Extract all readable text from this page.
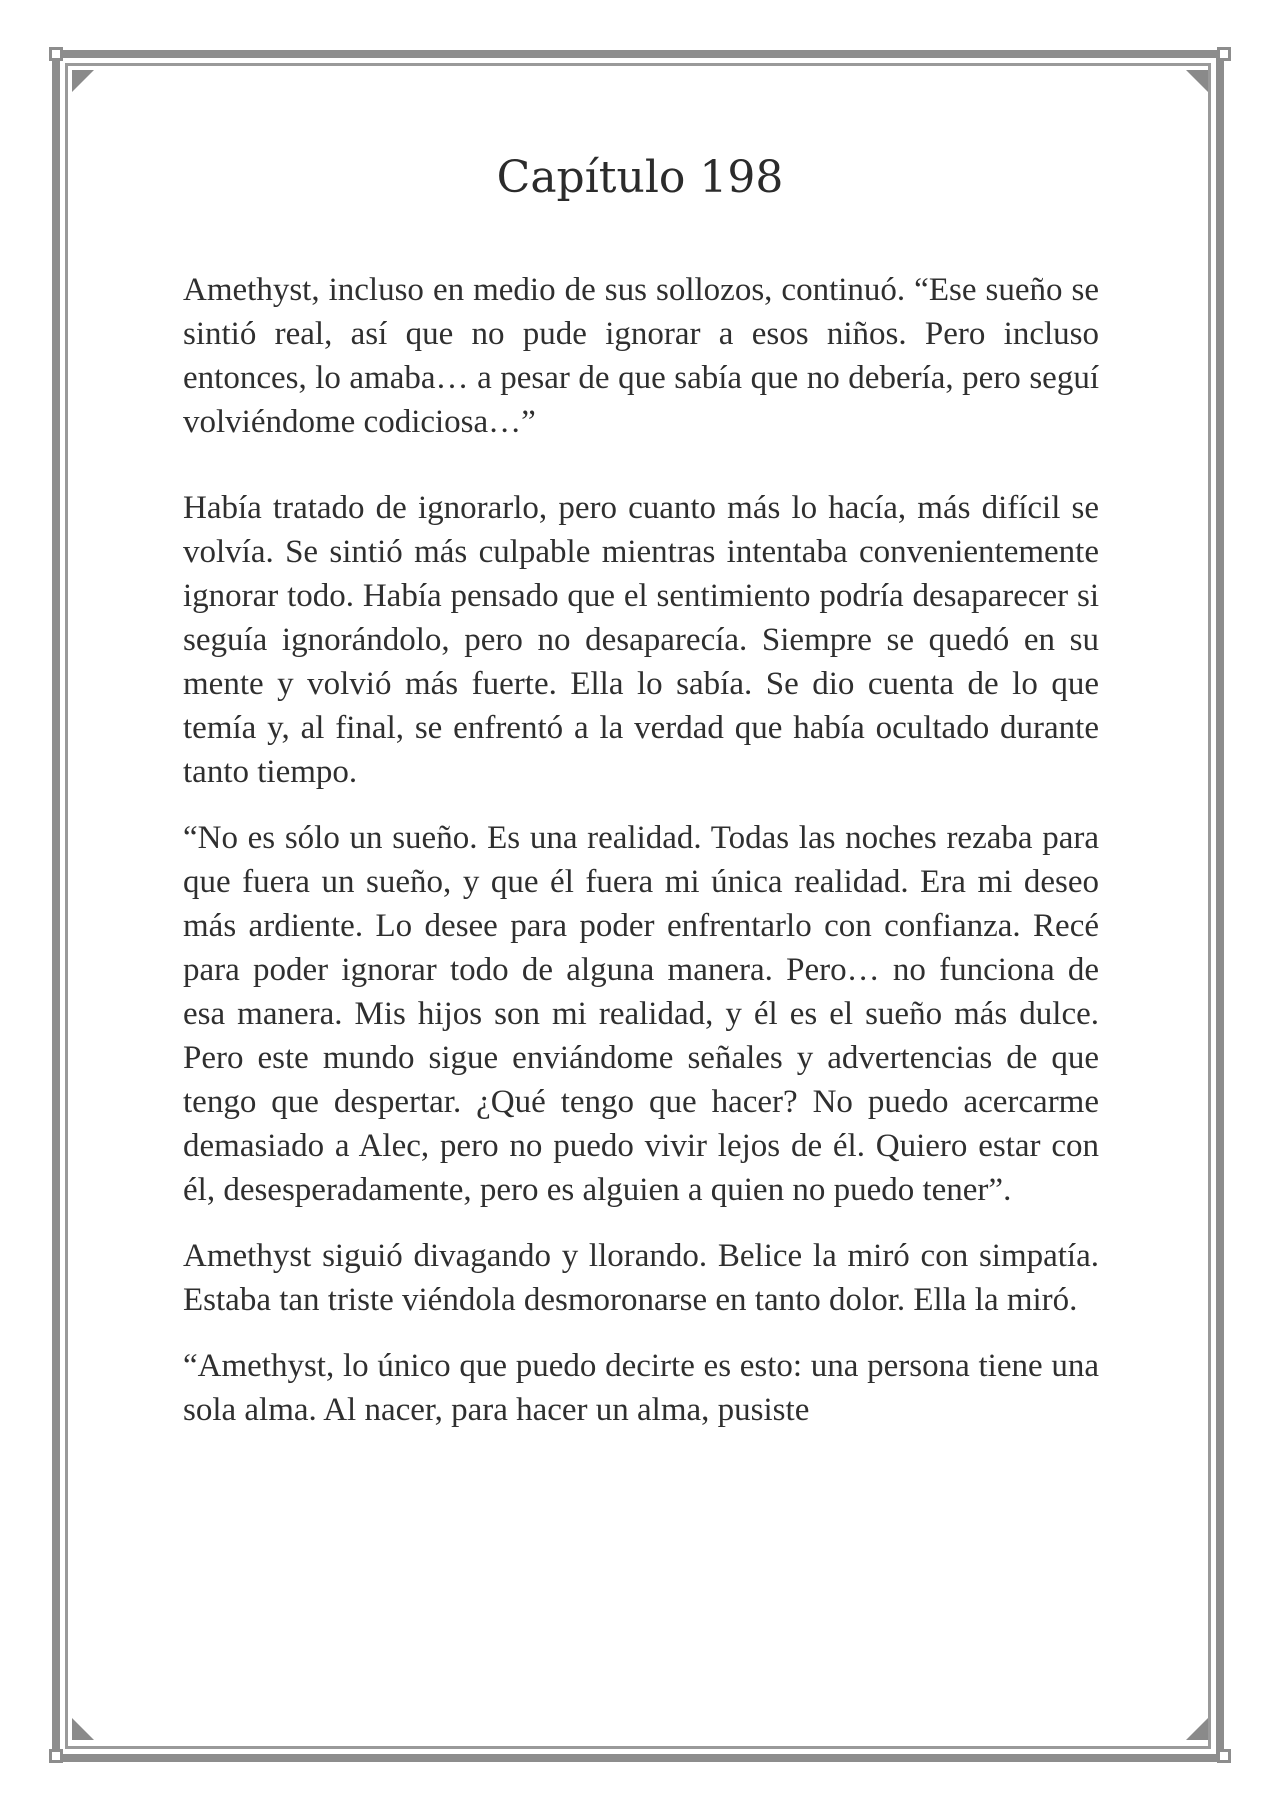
Capítulo 198

Amethyst, incluso en medio de sus sollozos, continuó. “Ese sueño se sintió real, así que no pude ignorar a esos niños. Pero incluso entonces, lo amaba… a pesar de que sabía que no debería, pero seguí volviéndome codiciosa…”

Había tratado de ignorarlo, pero cuanto más lo hacía, más difícil se volvía. Se sintió más culpable mientras intentaba convenientemente ignorar todo. Había pensado que el sentimiento podría desaparecer si seguía ignorándolo, pero no desaparecía. Siempre se quedó en su mente y volvió más fuerte. Ella lo sabía. Se dio cuenta de lo que temía y, al final, se enfrentó a la verdad que había ocultado durante tanto tiempo.

“No es sólo un sueño. Es una realidad. Todas las noches rezaba para que fuera un sueño, y que él fuera mi única realidad. Era mi deseo más ardiente. Lo desee para poder enfrentarlo con confianza. Recé para poder ignorar todo de alguna manera. Pero… no funciona de esa manera. Mis hijos son mi realidad, y él es el sueño más dulce. Pero este mundo sigue enviándome señales y advertencias de que tengo que despertar. ¿Qué tengo que hacer? No puedo acercarme demasiado a Alec, pero no puedo vivir lejos de él. Quiero estar con él, desesperadamente, pero es alguien a quien no puedo tener”.

Amethyst siguió divagando y llorando. Belice la miró con simpatía. Estaba tan triste viéndola desmoronarse en tanto dolor. Ella la miró.

“Amethyst, lo único que puedo decirte es esto: una persona tiene una sola alma. Al nacer, para hacer un alma, pusiste
